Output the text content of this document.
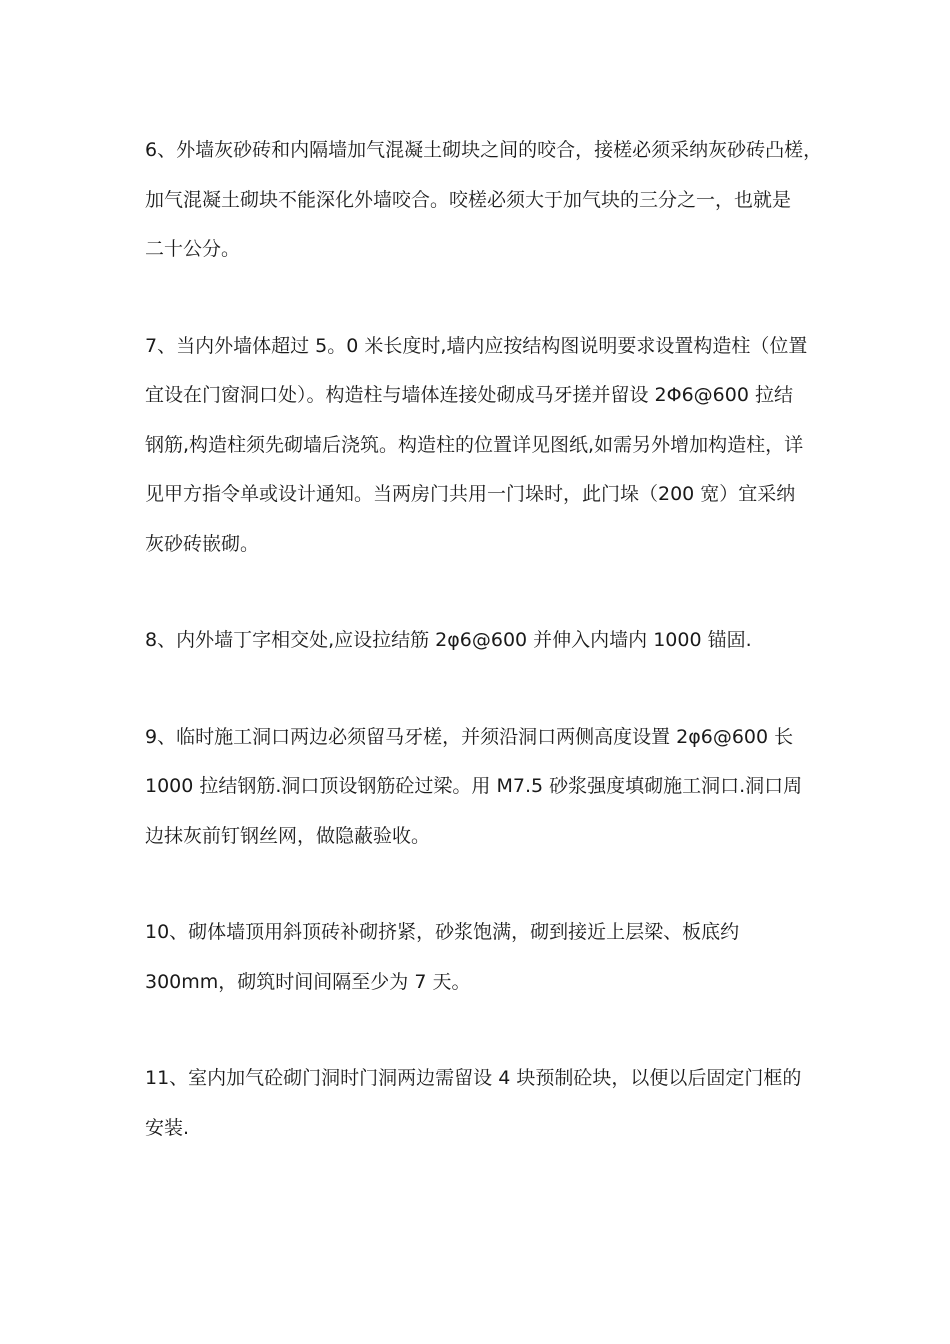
6、外墙灰砂砖和内隔墙加气混凝土砌块之间的咬合，接槎必须采纳灰砂砖凸槎，
加气混凝土砌块不能深化外墙咬合。咬槎必须大于加气块的三分之一，也就是
二十公分。
7、当内外墙体超过 5。0 米长度时,墙内应按结构图说明要求设置构造柱（位置
宜设在门窗洞口处）。构造柱与墙体连接处砌成马牙搓并留设 2Φ6@600 拉结
钢筋,构造柱须先砌墙后浇筑。构造柱的位置详见图纸,如需另外增加构造柱，详
见甲方指令单或设计通知。当两房门共用一门垛时，此门垛（200 宽）宜采纳
灰砂砖嵌砌。
8、内外墙丁字相交处,应设拉结筋 2φ6@600 并伸入内墙内 1000 锚固.
9、临时施工洞口两边必须留马牙槎，并须沿洞口两侧高度设置 2φ6@600 长
1000 拉结钢筋.洞口顶设钢筋砼过梁。用 M7.5 砂浆强度填砌施工洞口.洞口周
边抹灰前钉钢丝网，做隐蔽验收。
10、砌体墙顶用斜顶砖补砌挤紧，砂浆饱满，砌到接近上层梁、板底约
300mm，砌筑时间间隔至少为 7 天。
11、室内加气砼砌门洞时门洞两边需留设 4 块预制砼块，以便以后固定门框的
安装.
